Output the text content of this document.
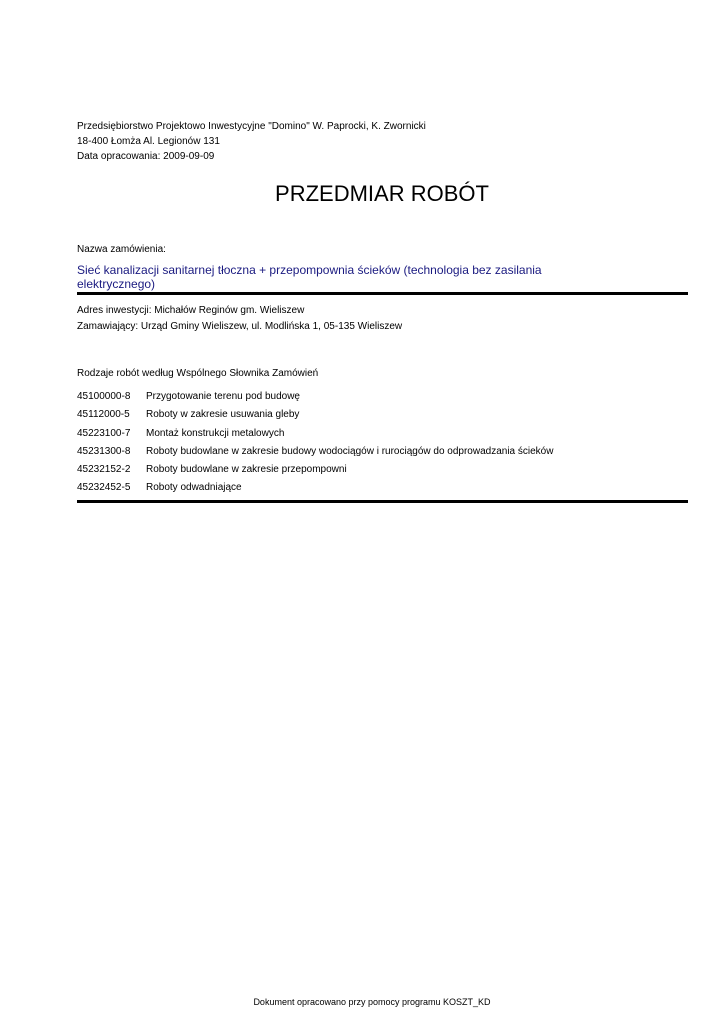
Przedsiębiorstwo Projektowo Inwestycyjne "Domino" W. Paprocki, K. Zwornicki
18-400 Łomża Al. Legionów 131
Data opracowania: 2009-09-09
PRZEDMIAR ROBÓT
Nazwa zamówienia:
Sieć kanalizacji sanitarnej tłoczna + przepompownia ścieków (technologia bez zasilania
elektrycznego)
Adres inwestycji: Michałów Reginów gm. Wieliszew
Zamawiający: Urząd Gminy Wieliszew, ul. Modlińska 1, 05-135 Wieliszew
Rodzaje robót według Wspólnego Słownika Zamówień
45100000-8 Przygotowanie terenu pod budowę
45112000-5 Roboty w zakresie usuwania gleby
45223100-7 Montaż konstrukcji metalowych
45231300-8 Roboty budowlane w zakresie budowy wodociągów i rurociągów do odprowadzania ścieków
45232152-2 Roboty budowlane w zakresie przepompowni
45232452-5 Roboty odwadniające
Dokument opracowano przy pomocy programu KOSZT_KD
